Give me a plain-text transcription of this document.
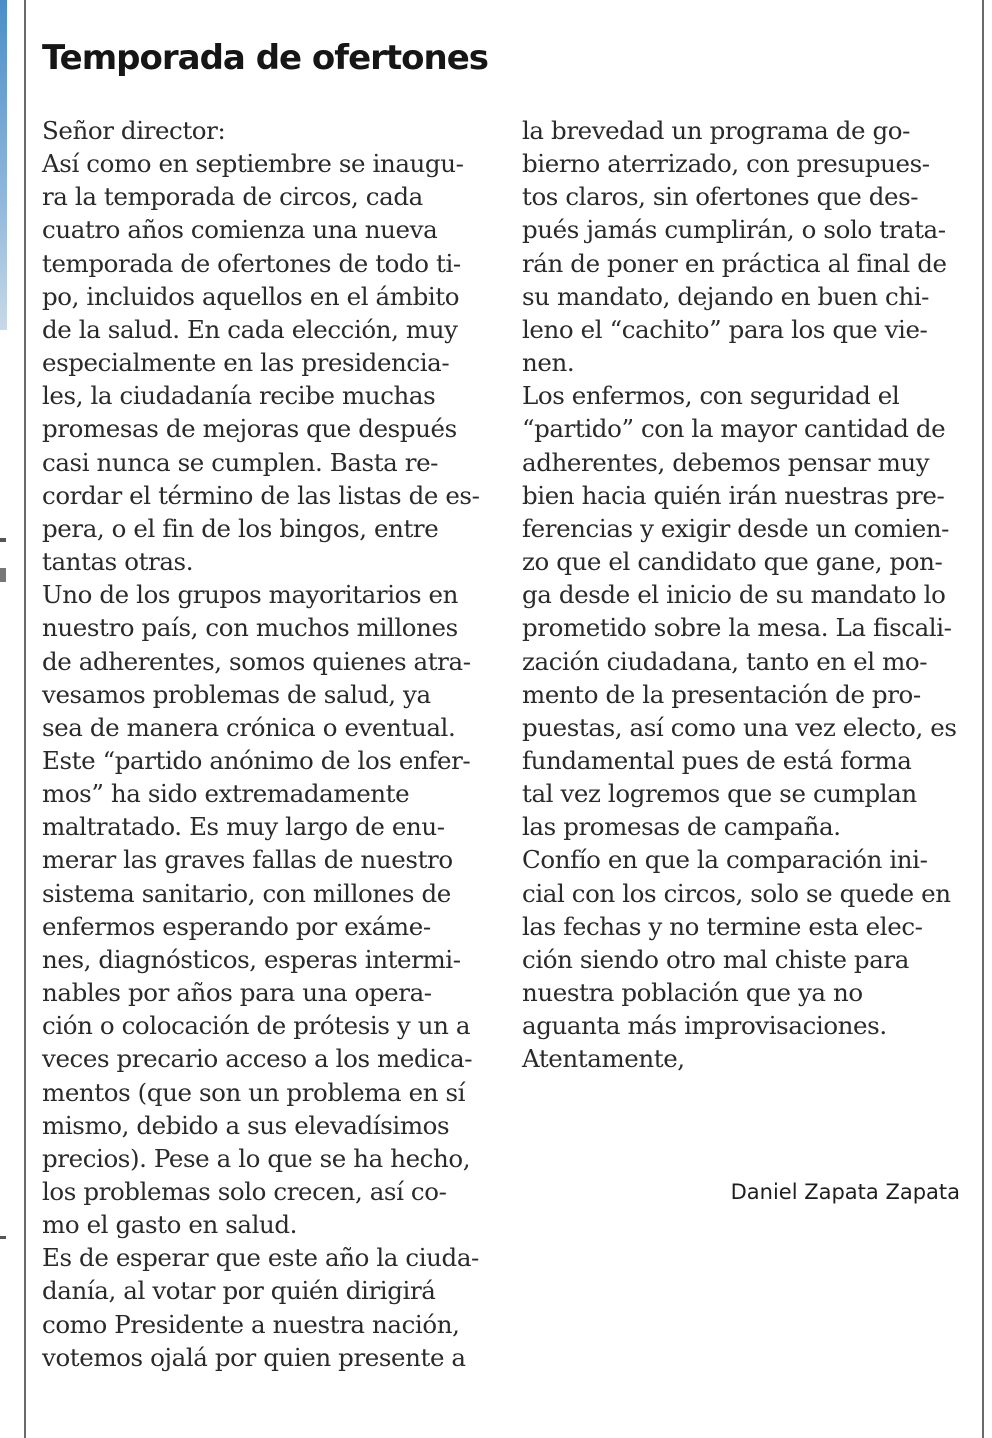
Temporada de ofertones
Señor director:
Así como en septiembre se inaugu-
ra la temporada de circos, cada
cuatro años comienza una nueva
temporada de ofertones de todo ti-
po, incluidos aquellos en el ámbito
de la salud. En cada elección, muy
especialmente en las presidencia-
les, la ciudadanía recibe muchas
promesas de mejoras que después
casi nunca se cumplen. Basta re-
cordar el término de las listas de es-
pera, o el fin de los bingos, entre
tantas otras.
Uno de los grupos mayoritarios en
nuestro país, con muchos millones
de adherentes, somos quienes atra-
vesamos problemas de salud, ya
sea de manera crónica o eventual.
Este “partido anónimo de los enfer-
mos” ha sido extremadamente
maltratado. Es muy largo de enu-
merar las graves fallas de nuestro
sistema sanitario, con millones de
enfermos esperando por exáme-
nes, diagnósticos, esperas intermi-
nables por años para una opera-
ción o colocación de prótesis y un a
veces precario acceso a los medica-
mentos (que son un problema en sí
mismo, debido a sus elevadísimos
precios). Pese a lo que se ha hecho,
los problemas solo crecen, así co-
mo el gasto en salud.
Es de esperar que este año la ciuda-
danía, al votar por quién dirigirá
como Presidente a nuestra nación,
votemos ojalá por quien presente a
la brevedad un programa de go-
bierno aterrizado, con presupues-
tos claros, sin ofertones que des-
pués jamás cumplirán, o solo trata-
rán de poner en práctica al final de
su mandato, dejando en buen chi-
leno el “cachito” para los que vie-
nen.
Los enfermos, con seguridad el
“partido” con la mayor cantidad de
adherentes, debemos pensar muy
bien hacia quién irán nuestras pre-
ferencias y exigir desde un comien-
zo que el candidato que gane, pon-
ga desde el inicio de su mandato lo
prometido sobre la mesa. La fiscali-
zación ciudadana, tanto en el mo-
mento de la presentación de pro-
puestas, así como una vez electo, es
fundamental pues de está forma
tal vez logremos que se cumplan
las promesas de campaña.
Confío en que la comparación ini-
cial con los circos, solo se quede en
las fechas y no termine esta elec-
ción siendo otro mal chiste para
nuestra población que ya no
aguanta más improvisaciones.
Atentamente,
Daniel Zapata Zapata
